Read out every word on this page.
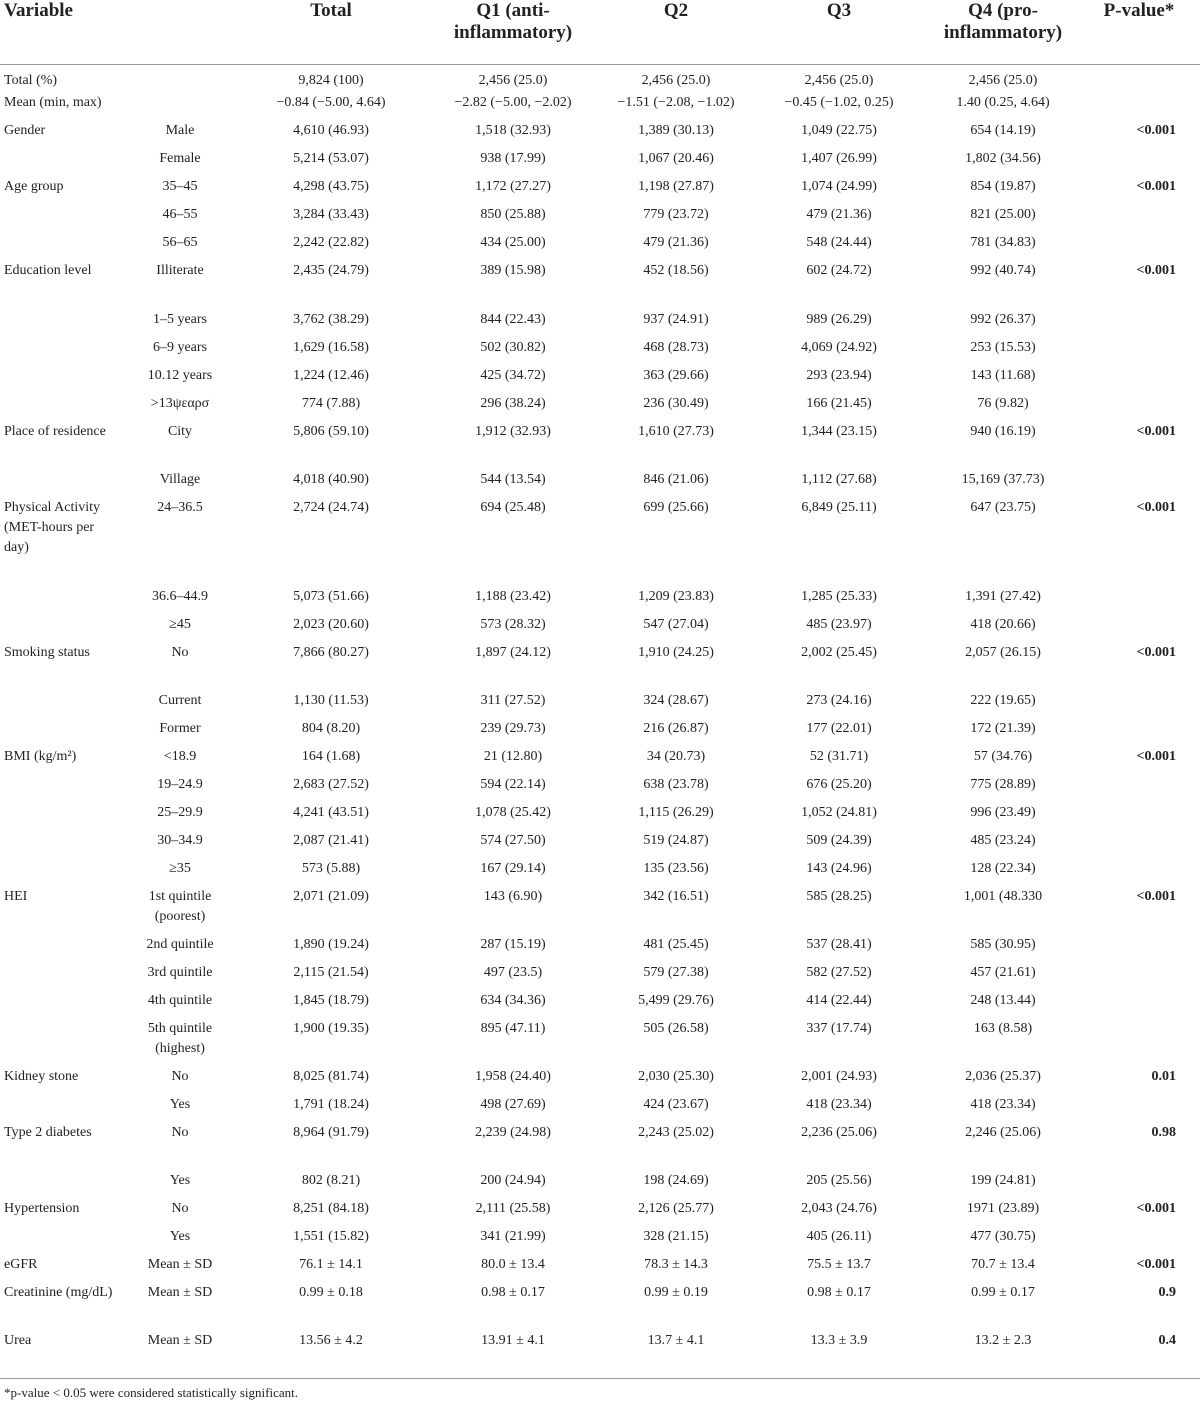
Variable		Total	Q1 (anti-inflammatory)	Q2	Q3	Q4 (pro-inflammatory)	P-value*
Total (%)		9,824 (100)	2,456 (25.0)	2,456 (25.0)	2,456 (25.0)	2,456 (25.0)	
Mean (min, max)		−0.84 (−5.00, 4.64)	−2.82 (−5.00, −2.02)	−1.51 (−2.08, −1.02)	−0.45 (−1.02, 0.25)	1.40 (0.25, 4.64)	
Gender	Male	4,610 (46.93)	1,518 (32.93)	1,389 (30.13)	1,049 (22.75)	654 (14.19)	<0.001
	Female	5,214 (53.07)	938 (17.99)	1,067 (20.46)	1,407 (26.99)	1,802 (34.56)	
Age group	35–45	4,298 (43.75)	1,172 (27.27)	1,198 (27.87)	1,074 (24.99)	854 (19.87)	<0.001
	46–55	3,284 (33.43)	850 (25.88)	779 (23.72)	479 (21.36)	821 (25.00)	
	56–65	2,242 (22.82)	434 (25.00)	479 (21.36)	548 (24.44)	781 (34.83)	
Education level	Illiterate	2,435 (24.79)	389 (15.98)	452 (18.56)	602 (24.72)	992 (40.74)	<0.001
	1–5 years	3,762 (38.29)	844 (22.43)	937 (24.91)	989 (26.29)	992 (26.37)	
	6–9 years	1,629 (16.58)	502 (30.82)	468 (28.73)	4,069 (24.92)	253 (15.53)	
	10.12 years	1,224 (12.46)	425 (34.72)	363 (29.66)	293 (23.94)	143 (11.68)	
	>13ψεαρσ	774 (7.88)	296 (38.24)	236 (30.49)	166 (21.45)	76 (9.82)	
Place of residence	City	5,806 (59.10)	1,912 (32.93)	1,610 (27.73)	1,344 (23.15)	940 (16.19)	<0.001
	Village	4,018 (40.90)	544 (13.54)	846 (21.06)	1,112 (27.68)	15,169 (37.73)	
Physical Activity (MET-hours per day)	24–36.5	2,724 (24.74)	694 (25.48)	699 (25.66)	6,849 (25.11)	647 (23.75)	<0.001
	36.6–44.9	5,073 (51.66)	1,188 (23.42)	1,209 (23.83)	1,285 (25.33)	1,391 (27.42)	
	≥45	2,023 (20.60)	573 (28.32)	547 (27.04)	485 (23.97)	418 (20.66)	
Smoking status	No	7,866 (80.27)	1,897 (24.12)	1,910 (24.25)	2,002 (25.45)	2,057 (26.15)	<0.001
	Current	1,130 (11.53)	311 (27.52)	324 (28.67)	273 (24.16)	222 (19.65)	
	Former	804 (8.20)	239 (29.73)	216 (26.87)	177 (22.01)	172 (21.39)	
BMI (kg/m²)	<18.9	164 (1.68)	21 (12.80)	34 (20.73)	52 (31.71)	57 (34.76)	<0.001
	19–24.9	2,683 (27.52)	594 (22.14)	638 (23.78)	676 (25.20)	775 (28.89)	
	25–29.9	4,241 (43.51)	1,078 (25.42)	1,115 (26.29)	1,052 (24.81)	996 (23.49)	
	30–34.9	2,087 (21.41)	574 (27.50)	519 (24.87)	509 (24.39)	485 (23.24)	
	≥35	573 (5.88)	167 (29.14)	135 (23.56)	143 (24.96)	128 (22.34)	
HEI	1st quintile (poorest)	2,071 (21.09)	143 (6.90)	342 (16.51)	585 (28.25)	1,001 (48.330	<0.001
	2nd quintile	1,890 (19.24)	287 (15.19)	481 (25.45)	537 (28.41)	585 (30.95)	
	3rd quintile	2,115 (21.54)	497 (23.5)	579 (27.38)	582 (27.52)	457 (21.61)	
	4th quintile	1,845 (18.79)	634 (34.36)	5,499 (29.76)	414 (22.44)	248 (13.44)	
	5th quintile (highest)	1,900 (19.35)	895 (47.11)	505 (26.58)	337 (17.74)	163 (8.58)	
Kidney stone	No	8,025 (81.74)	1,958 (24.40)	2,030 (25.30)	2,001 (24.93)	2,036 (25.37)	0.01
	Yes	1,791 (18.24)	498 (27.69)	424 (23.67)	418 (23.34)	418 (23.34)	
Type 2 diabetes	No	8,964 (91.79)	2,239 (24.98)	2,243 (25.02)	2,236 (25.06)	2,246 (25.06)	0.98
	Yes	802 (8.21)	200 (24.94)	198 (24.69)	205 (25.56)	199 (24.81)	
Hypertension	No	8,251 (84.18)	2,111 (25.58)	2,126 (25.77)	2,043 (24.76)	1971 (23.89)	<0.001
	Yes	1,551 (15.82)	341 (21.99)	328 (21.15)	405 (26.11)	477 (30.75)	
eGFR	Mean ± SD	76.1 ± 14.1	80.0 ± 13.4	78.3 ± 14.3	75.5 ± 13.7	70.7 ± 13.4	<0.001
Creatinine (mg/dL)	Mean ± SD	0.99 ± 0.18	0.98 ± 0.17	0.99 ± 0.19	0.98 ± 0.17	0.99 ± 0.17	0.9
Urea	Mean ± SD	13.56 ± 4.2	13.91 ± 4.1	13.7 ± 4.1	13.3 ± 3.9	13.2 ± 2.3	0.4
*p-value < 0.05 were considered statistically significant.
